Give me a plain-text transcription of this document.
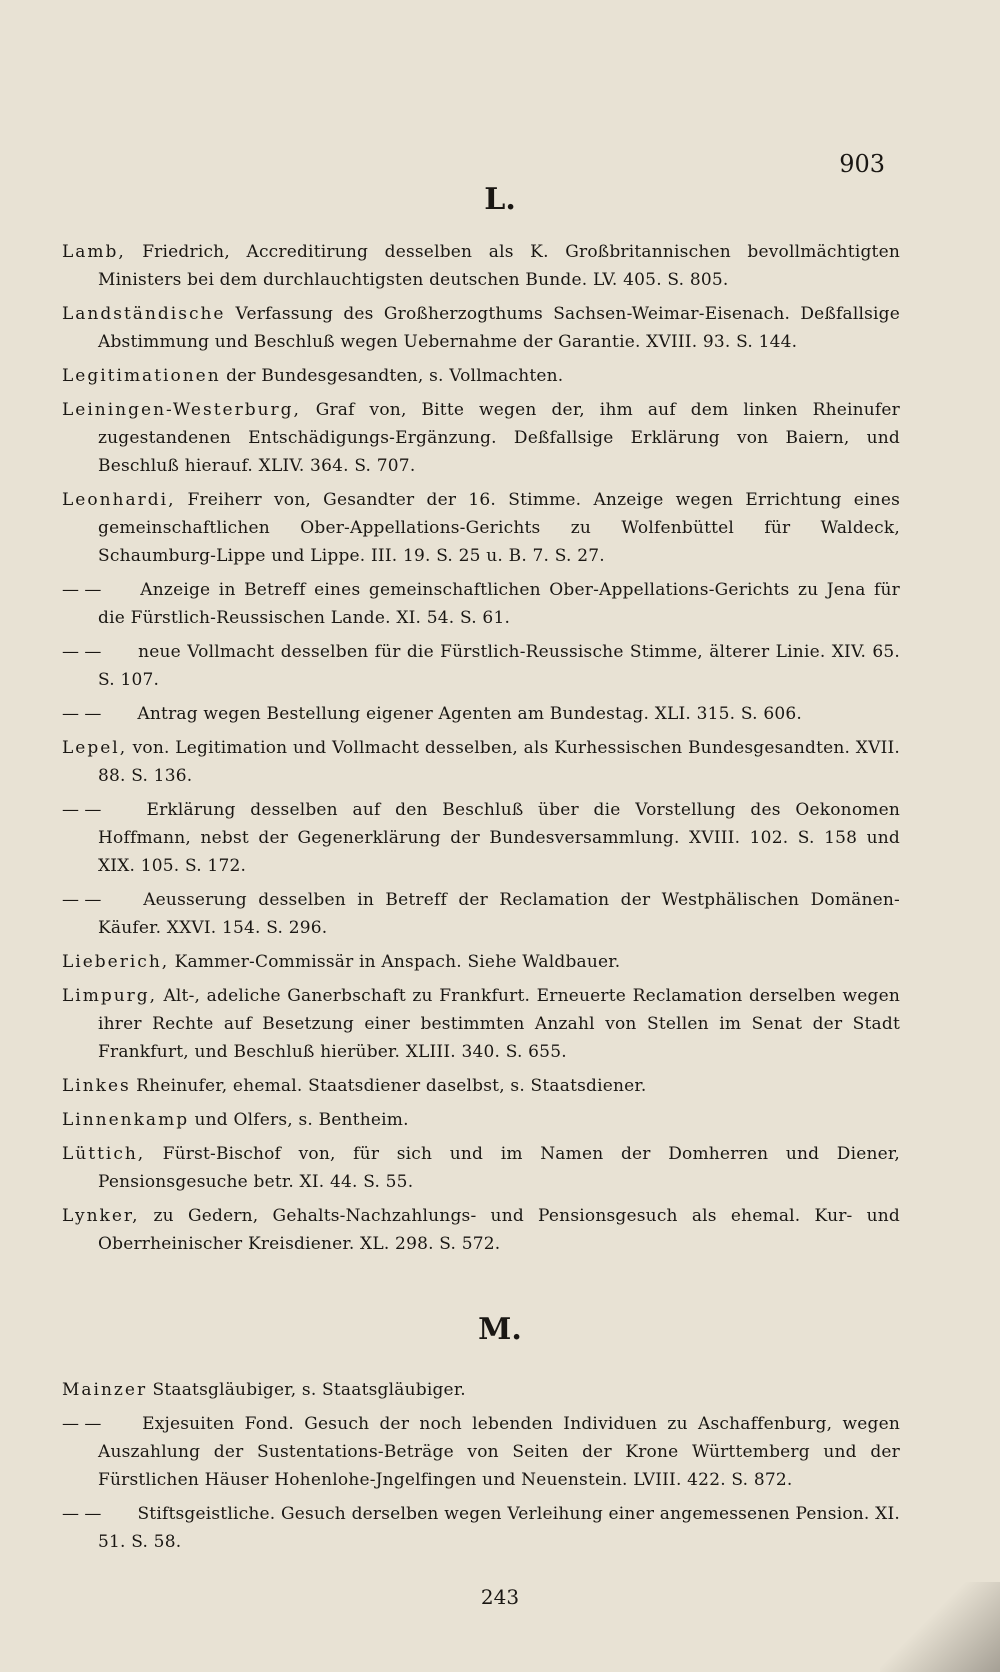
903
L.
Lamb, Friedrich, Accreditirung desselben als K. Großbritannischen bevollmächtigten Ministers bei dem durchlauchtigsten deutschen Bunde. LV. 405. S. 805.
Landständische Verfassung des Großherzogthums Sachsen-Weimar-Eisenach. Deßfallsige Abstimmung und Beschluß wegen Uebernahme der Garantie. XVIII. 93. S. 144.
Legitimationen der Bundesgesandten, s. Vollmachten.
Leiningen-Westerburg, Graf von, Bitte wegen der, ihm auf dem linken Rheinufer zugestandenen Entschädigungs-Ergänzung. Deßfallsige Erklärung von Baiern, und Beschluß hierauf. XLIV. 364. S. 707.
Leonhardi, Freiherr von, Gesandter der 16. Stimme. Anzeige wegen Errichtung eines gemeinschaftlichen Ober-Appellations-Gerichts zu Wolfenbüttel für Waldeck, Schaumburg-Lippe und Lippe. III. 19. S. 25 u. B. 7. S. 27.
— — Anzeige in Betreff eines gemeinschaftlichen Ober-Appellations-Gerichts zu Jena für die Fürstlich-Reussischen Lande. XI. 54. S. 61.
— — neue Vollmacht desselben für die Fürstlich-Reussische Stimme, älterer Linie. XIV. 65. S. 107.
— — Antrag wegen Bestellung eigener Agenten am Bundestag. XLI. 315. S. 606.
Lepel, von. Legitimation und Vollmacht desselben, als Kurhessischen Bundesgesandten. XVII. 88. S. 136.
— —	Erklärung desselben auf den Beschluß über die Vorstellung des Oekonomen Hoffmann, nebst der Gegenerklärung der Bundesversammlung. XVIII. 102. S. 158 und XIX. 105. S. 172.
— — Aeusserung desselben in Betreff der Reclamation der Westphälischen Domänen-Käufer. XXVI. 154. S. 296.
Lieberich, Kammer-Commissär in Anspach. Siehe Waldbauer.
Limpurg, Alt-, adeliche Ganerbschaft zu Frankfurt. Erneuerte Reclamation derselben wegen ihrer Rechte auf Besetzung einer bestimmten Anzahl von Stellen im Senat der Stadt Frankfurt, und Beschluß hierüber. XLIII. 340. S. 655.
Linkes Rheinufer, ehemal. Staatsdiener daselbst, s. Staatsdiener.
Linnenkamp und Olfers, s. Bentheim.
Lüttich, Fürst-Bischof von, für sich und im Namen der Domherren und Diener, Pensionsgesuche betr. XI. 44. S. 55.
Lynker, zu Gedern, Gehalts-Nachzahlungs- und Pensionsgesuch als ehemal. Kur- und Oberrheinischer Kreisdiener. XL. 298. S. 572.
M.
Mainzer Staatsgläubiger, s. Staatsgläubiger.
— — Exjesuiten Fond. Gesuch der noch lebenden Individuen zu Aschaffenburg, wegen Auszahlung der Sustentations-Beträge von Seiten der Krone Württemberg und der Fürstlichen Häuser Hohenlohe-Jngelfingen und Neuenstein. LVIII. 422. S. 872.
— — Stiftsgeistliche. Gesuch derselben wegen Verleihung einer angemessenen Pension. XI. 51. S. 58.
243
